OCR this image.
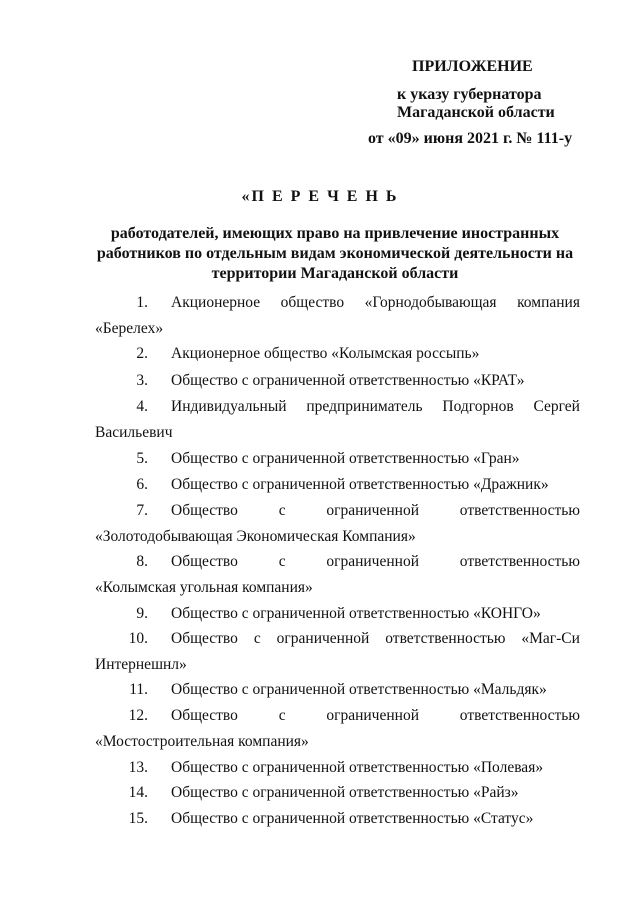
ПРИЛОЖЕНИЕ
к указу губернатора
Магаданской области
от «09» июня 2021 г. № 111-у
«П Е Р Е Ч Е Н Ь
работодателей, имеющих право на привлечение иностранных работников по отдельным видам экономической деятельности на территории Магаданской области
1. Акционерное общество «Горнодобывающая компания
«Берелех»
2. Акционерное общество «Колымская россыпь»
3. Общество с ограниченной ответственностью «КРАТ»
4. Индивидуальный предприниматель Подгорнов Сергей
Васильевич
5. Общество с ограниченной ответственностью «Гран»
6. Общество с ограниченной ответственностью «Дражник»
7. Общество	с	ограниченной	ответственностью
«Золотодобывающая Экономическая Компания»
8. Общество	с	ограниченной	ответственностью
«Колымская угольная компания»
9. Общество с ограниченной ответственностью «КОНГО»
10. Общество с ограниченной ответственностью «Маг-Си
Интернешнл»
11. Общество с ограниченной ответственностью «Мальдяк»
12. Общество	с	ограниченной	ответственностью
«Мостостроительная компания»
13. Общество с ограниченной ответственностью «Полевая»
14. Общество с ограниченной ответственностью «Райз»
15. Общество с ограниченной ответственностью «Статус»
